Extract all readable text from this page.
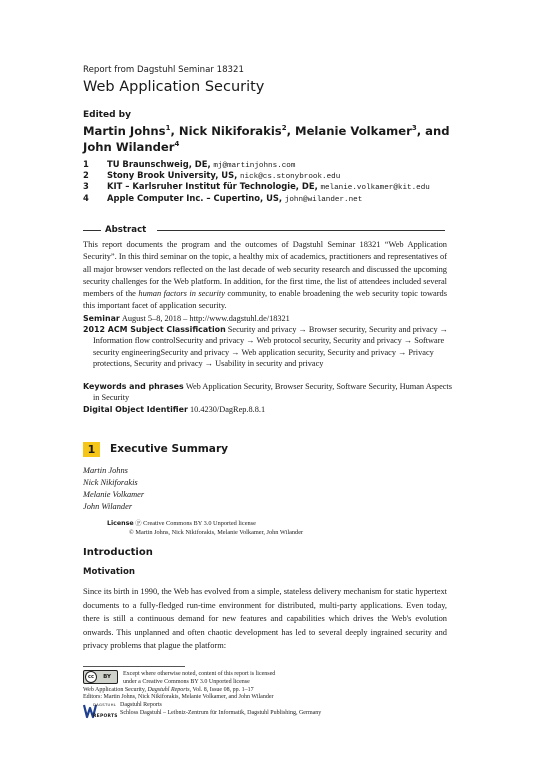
Report from Dagstuhl Seminar 18321
Web Application Security
Edited by
Martin Johns$^1$, Nick Nikiforakis$^2$, Melanie Volkamer$^3$, and John Wilander$^4$
1 TU Braunschweig, DE, mj@martinjohns.com
2 Stony Brook University, US, nick@cs.stonybrook.edu
3 KIT – Karlsruher Institut für Technologie, DE, melanie.volkamer@kit.edu
4 Apple Computer Inc. – Cupertino, US, john@wilander.net
Abstract
This report documents the program and the outcomes of Dagstuhl Seminar 18321 “Web Application Security”. In this third seminar on the topic, a healthy mix of academics, practitioners and representatives of all major browser vendors reflected on the last decade of web security research and discussed the upcoming security challenges for the Web platform. In addition, for the first time, the list of attendees included several members of the human factors in security community, to enable broadening the web security topic towards this important facet of application security.
Seminar August 5–8, 2018 – http://www.dagstuhl.de/18321
2012 ACM Subject Classification Security and privacy → Browser security, Security and privacy → Information flow controlSecurity and privacy → Web protocol security, Security and privacy → Software security engineeringSecurity and privacy → Web application security, Security and privacy → Privacy protections, Security and privacy → Usability in security and privacy
Keywords and phrases Web Application Security, Browser Security, Software Security, Human Aspects in Security
Digital Object Identifier 10.4230/DagRep.8.8.1
1	Executive Summary
Martin Johns
Nick Nikiforakis
Melanie Volkamer
John Wilander
License Ⓟ Creative Commons BY 3.0 Unported license
© Martin Johns, Nick Nikiforakis, Melanie Volkamer, John Wilander
Introduction
Motivation
Since its birth in 1990, the Web has evolved from a simple, stateless delivery mechanism for static hypertext documents to a fully-fledged run-time environment for distributed, multi-party applications. Even today, there is still a continuous demand for new features and capabilities which drives the Web's evolution onwards. This unplanned and often chaotic development has led to several deeply ingrained security and privacy problems that plague the platform:
cc	BY	Except where otherwise noted, content of this report is licensed
under a Creative Commons BY 3.0 Unported license
Web Application Security, Dagstuhl Reports, Vol. 8, Issue 08, pp. 1–17
Editors: Martin Johns, Nick Nikiforakis, Melanie Volkamer, and John Wilander
DAGSTUHL
REPORTS
Dagstuhl Reports
Schloss Dagstuhl – Leibniz-Zentrum für Informatik, Dagstuhl Publishing, Germany
